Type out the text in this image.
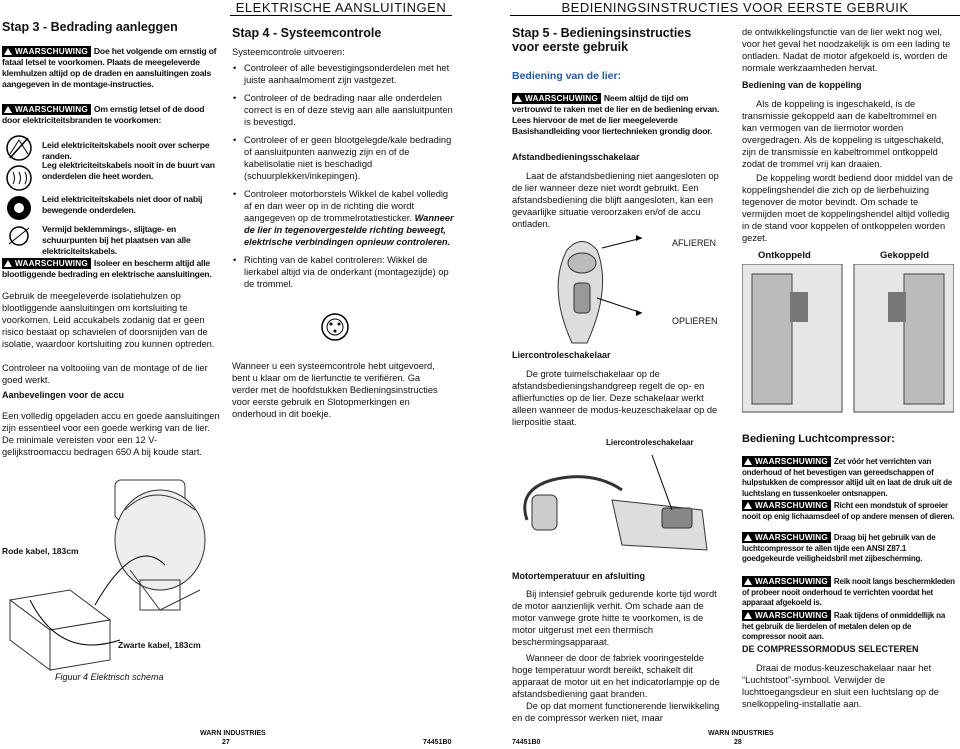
Stap 3 - Bedrading aanleggen
WAARSCHUWING Doe het volgende om ernstig of fataal letsel te voorkomen. Plaats de meegeleverde klemhulzen altijd op de draden en aansluitingen zoals aangegeven in de montage-instructies.
WAARSCHUWING Om ernstig letsel of de dood door elektriciteitsbranden te voorkomen:
Leid elektriciteitskabels nooit over scherpe randen.
Leg elektriciteitskabels nooit in de buurt van onderdelen die heet worden.
Leid elektriciteitskabels niet door of nabij bewegende onderdelen.
Vermijd beklemmings-, slijtage- en schuurpunten bij het plaatsen van alle elektriciteitskabels.
WAARSCHUWING Isoleer en bescherm altijd alle blootliggende bedrading en elektrische aansluitingen.

Gebruik de meegeleverde isolatiehulzen op blootliggende aansluitingen om kortsluiting te voorkomen. Leid accukabels zodanig dat er geen risico bestaat op schavielen of doorsnijden van de isolatie, waardoor kortsluiting zou kunnen optreden.

Controleer na voltooiing van de montage of de lier goed werkt.

Aanbevelingen voor de accu

Een volledig opgeladen accu en goede aansluitingen zijn essentieel voor een goede werking van de lier. De minimale vereisten voor een 12 V-gelijkstroomaccu bedragen 650 A bij koude start.

Rode kabel, 183cm
Zwarte kabel, 183cm
Figuur 4 Elektrisch schema
ELEKTRISCHE AANSLUITINGEN
Stap 4 - Systeemcontrole

Systeemcontrole uitvoeren:

• Controleer of alle bevestigingsonderdelen met het juiste aanhaalmoment zijn vastgezet.
• Controleer of de bedrading naar alle onderdelen correct is en of deze stevig aan alle aansluitpunten is bevestigd.
• Controleer of er geen blootgelegde/kale bedrading of aansluitpunten aanwezig zijn en of de kabelisolatie niet is beschadigd (schuurplekken/inkepingen).
• Controleer motorborstels Wikkel de kabel volledig af en dan weer op in de richting die wordt aangegeven op de trommelrotatiesticker. Wanneer de lier in tegenovergestelde richting beweegt, elektrische verbindingen opnieuw controleren.
• Richting van de kabel controleren: Wikkel de lierkabel altijd via de onderkant (montagezijde) op de trommel.

Wanneer u een systeemcontrole hebt uitgevoerd, bent u klaar om de lierfunctie te verifiëren. Ga verder met de hoofdstukken Bedieningsinstructies voor eerste gebruik en Slotopmerkingen en onderhoud in dit boekje.

BEDIENINGSINSTRUCTIES VOOR EERSTE GEBRUIK
Stap 5 - Bedieningsinstructies voor eerste gebruik
Bediening van de lier:
WAARSCHUWING Neem altijd de tijd om vertrouwd te raken met de lier en de bediening ervan. Lees hiervoor de met de lier meegeleverde Basishandleiding voor liertechnieken grondig door.
Afstandbedieningsschakelaar

Laat de afstandsbediening niet aangesloten op de lier wanneer deze niet wordt gebruikt. Een afstandsbediening die blijft aangesloten, kan een gevaarlijke situatie veroorzaken en/of de accu ontladen.

AFLIEREN
OPLIEREN
Liercontroleschakelaar

De grote tuimelschakelaar op de afstandsbedieningshandgreep regelt de op- en aflierfuncties op de lier. Deze schakelaar werkt alleen wanneer de modus-keuzeschakelaar op de lierpositie staat.

Liercontroleschakelaar
Motortemperatuur en afsluiting

Bij intensief gebruik gedurende korte tijd wordt de motor aanzienlijk verhit. Om schade aan de motor vanwege grote hitte te voorkomen, is de motor uitgerust met een thermisch beschermingsapparaat.

Wanneer de door de fabriek vooringestelde hoge temperatuur wordt bereikt, schakelt dit apparaat de motor uit en het indicatorlampje op de afstandsbediening gaat branden.

De op dat moment functionerende lierwikkeling en de compressor werken niet, maar

de ontwikkelingsfunctie van de lier wekt nog wel, voor het geval het noodzakelijk is om een lading te ontladen. Nadat de motor afgekoeld is, worden de normale werkzaamheden hervat.

Bediening van de koppeling

Als de koppeling is ingeschakeld, is de transmissie gekoppeld aan de kabeltrommel en kan vermogen van de liermotor worden overgedragen. Als de koppeling is uitgeschakeld, zijn de transmissie en kabeltrommel ontkoppeld zodat de trommel vrij kan draaien.

De koppeling wordt bediend door middel van de koppelingshendel die zich op de lierbehuizing tegenover de motor bevindt. Om schade te vermijden moet de koppelingshendel altijd volledig in de stand voor koppelen of ontkoppelen worden gezet.

Ontkoppeld	Gekoppeld
Bediening Luchtcompressor:
WAARSCHUWING Zet vóór het verrichten van onderhoud of het bevestigen van gereedschappen of hulpstukken de compressor altijd uit en laat de druk uit de luchtslang en tussenkoeler ontsnappen.
WAARSCHUWING Richt een mondstuk of sproeier nooit op enig lichaamsdeel of op andere mensen of dieren.
WAARSCHUWING Draag bij het gebruik van de luchtcompressor te allen tijde een ANSI Z87.1 goedgekeurde veiligheidsbril met zijbescherming.
WAARSCHUWING Reik nooit langs beschermkleden of probeer nooit onderhoud te verrichten voordat het apparaat afgekoeld is.
WAARSCHUWING Raak tijdens of onmiddellijk na het gebruik de lierdelen of metalen delen op de compressor nooit aan.
DE COMPRESSORMODUS SELECTEREN

Draai de modus-keuzeschakelaar naar het “Luchtstoot”-symbool. Verwijder de luchttoegangsdeur en sluit een luchtslang op de snelkoppeling-installatie aan.

WARN INDUSTRIES
27	74451B0	74451B0
WARN INDUSTRIES
28
